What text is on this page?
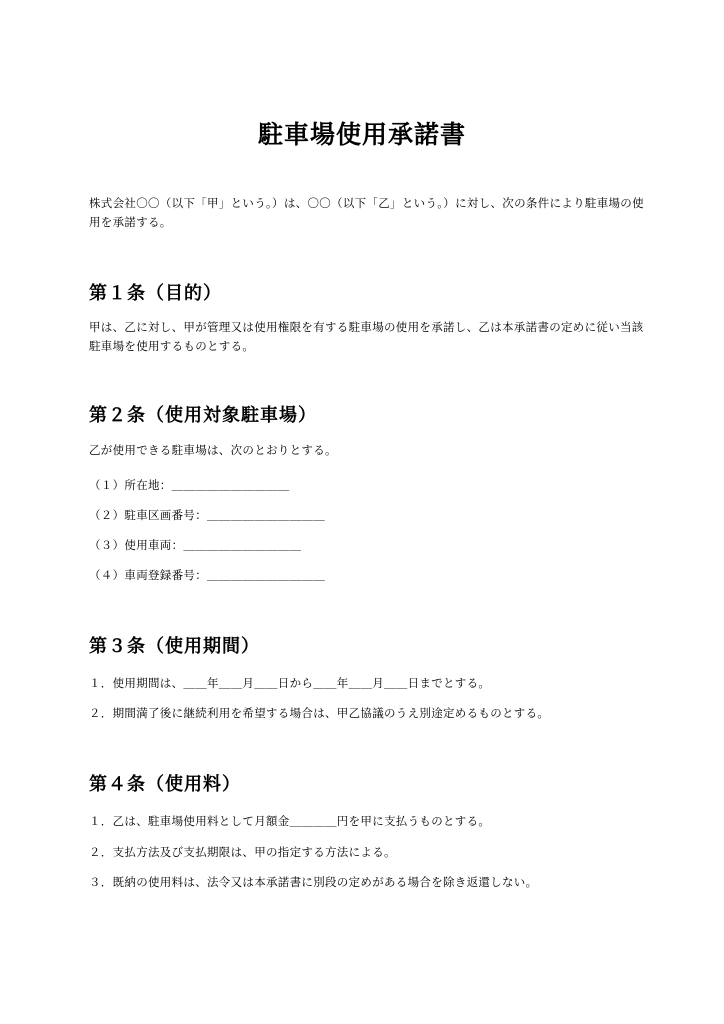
駐車場使用承諾書
株式会社〇〇（以下「甲」という。）は、〇〇（以下「乙」という。）に対し、次の条件により駐車場の使用を承諾する。
第１条（目的）
甲は、乙に対し、甲が管理又は使用権限を有する駐車場の使用を承諾し、乙は本承諾書の定めに従い当該駐車場を使用するものとする。
第２条（使用対象駐車場）
乙が使用できる駐車場は、次のとおりとする。
（１）所在地：＿＿＿＿＿＿＿＿＿＿
（２）駐車区画番号：＿＿＿＿＿＿＿＿＿＿
（３）使用車両：＿＿＿＿＿＿＿＿＿＿
（４）車両登録番号：＿＿＿＿＿＿＿＿＿＿
第３条（使用期間）
１．使用期間は、＿＿年＿＿月＿＿日から＿＿年＿＿月＿＿日までとする。
２．期間満了後に継続利用を希望する場合は、甲乙協議のうえ別途定めるものとする。
第４条（使用料）
１．乙は、駐車場使用料として月額金＿＿＿＿円を甲に支払うものとする。
２．支払方法及び支払期限は、甲の指定する方法による。
３．既納の使用料は、法令又は本承諾書に別段の定めがある場合を除き返還しない。
